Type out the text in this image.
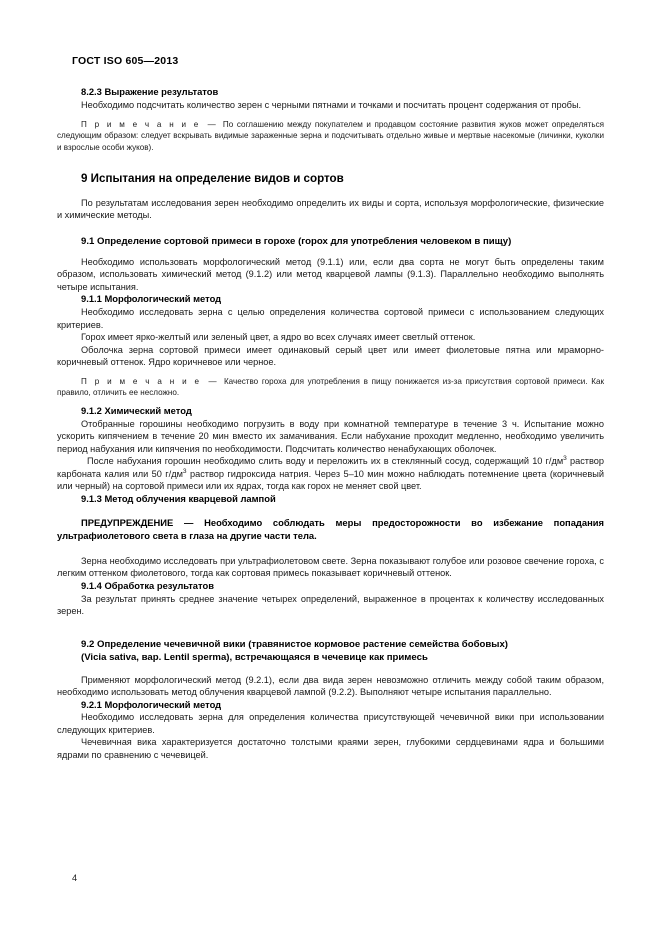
ГОСТ ISO 605—2013
8.2.3 Выражение результатов

Необходимо подсчитать количество зерен с черными пятнами и точками и посчитать процент содержания от пробы.

П р и м е ч а н и е — По соглашению между покупателем и продавцом состояние развития жуков может определяться следующим образом: следует вскрывать видимые зараженные зерна и подсчитывать отдельно живые и мертвые насекомые (личинки, куколки и взрослые особи жуков).

9 Испытания на определение видов и сортов

По результатам исследования зерен необходимо определить их виды и сорта, используя морфологические, физические и химические методы.

9.1 Определение сортовой примеси в горохе (горох для употребления человеком в пищу)

Необходимо использовать морфологический метод (9.1.1) или, если два сорта не могут быть определены таким образом, использовать химический метод (9.1.2) или метод кварцевой лампы (9.1.3). Параллельно необходимо выполнять четыре испытания.

9.1.1 Морфологический метод

Необходимо исследовать зерна с целью определения количества сортовой примеси с использованием следующих критериев.

Горох имеет ярко-желтый или зеленый цвет, а ядро во всех случаях имеет светлый оттенок.

Оболочка зерна сортовой примеси имеет одинаковый серый цвет или имеет фиолетовые пятна или мраморно-коричневый оттенок. Ядро коричневое или черное.

П р и м е ч а н и е — Качество гороха для употребления в пищу понижается из-за присутствия сортовой примеси. Как правило, отличить ее несложно.

9.1.2 Химический метод

Отобранные горошины необходимо погрузить в воду при комнатной температуре в течение 3 ч. Испытание можно ускорить кипячением в течение 20 мин вместо их замачивания. Если набухание проходит медленно, необходимо увеличить период набухания или кипячения по необходимости. Подсчитать количество ненабухающих оболочек.

После набухания горошин необходимо слить воду и переложить их в стеклянный сосуд, содержащий 10 $г/дм^3$ раствор карбоната калия или 50 $г/дм^3$ раствор гидроксида натрия. Через 5–10 мин можно наблюдать потемнение цвета (коричневый или черный) на сортовой примеси или их ядрах, тогда как горох не меняет свой цвет.

9.1.3 Метод облучения кварцевой лампой

ПРЕДУПРЕЖДЕНИЕ — Необходимо соблюдать меры предосторожности во избежание попадания ультрафиолетового света в глаза на другие части тела.

Зерна необходимо исследовать при ультрафиолетовом свете. Зерна показывают голубое или розовое свечение гороха, с легким оттенком фиолетового, тогда как сортовая примесь показывает коричневый оттенок.

9.1.4 Обработка результатов

За результат принять среднее значение четырех определений, выраженное в процентах к количеству исследованных зерен.

9.2 Определение чечевичной вики (травянистое кормовое растение семейства бобовых)
(Vicia sativa, вар. Lentil sperma), встречающаяся в чечевице как примесь

Применяют морфологический метод (9.2.1), если два вида зерен невозможно отличить между собой таким образом, необходимо использовать метод облучения кварцевой лампой (9.2.2). Выполняют четыре испытания параллельно.

9.2.1 Морфологический метод

Необходимо исследовать зерна для определения количества присутствующей чечевичной вики при использовании следующих критериев.

Чечевичная вика характеризуется достаточно толстыми краями зерен, глубокими сердцевинами ядра и большими ядрами по сравнению с чечевицей.

4
